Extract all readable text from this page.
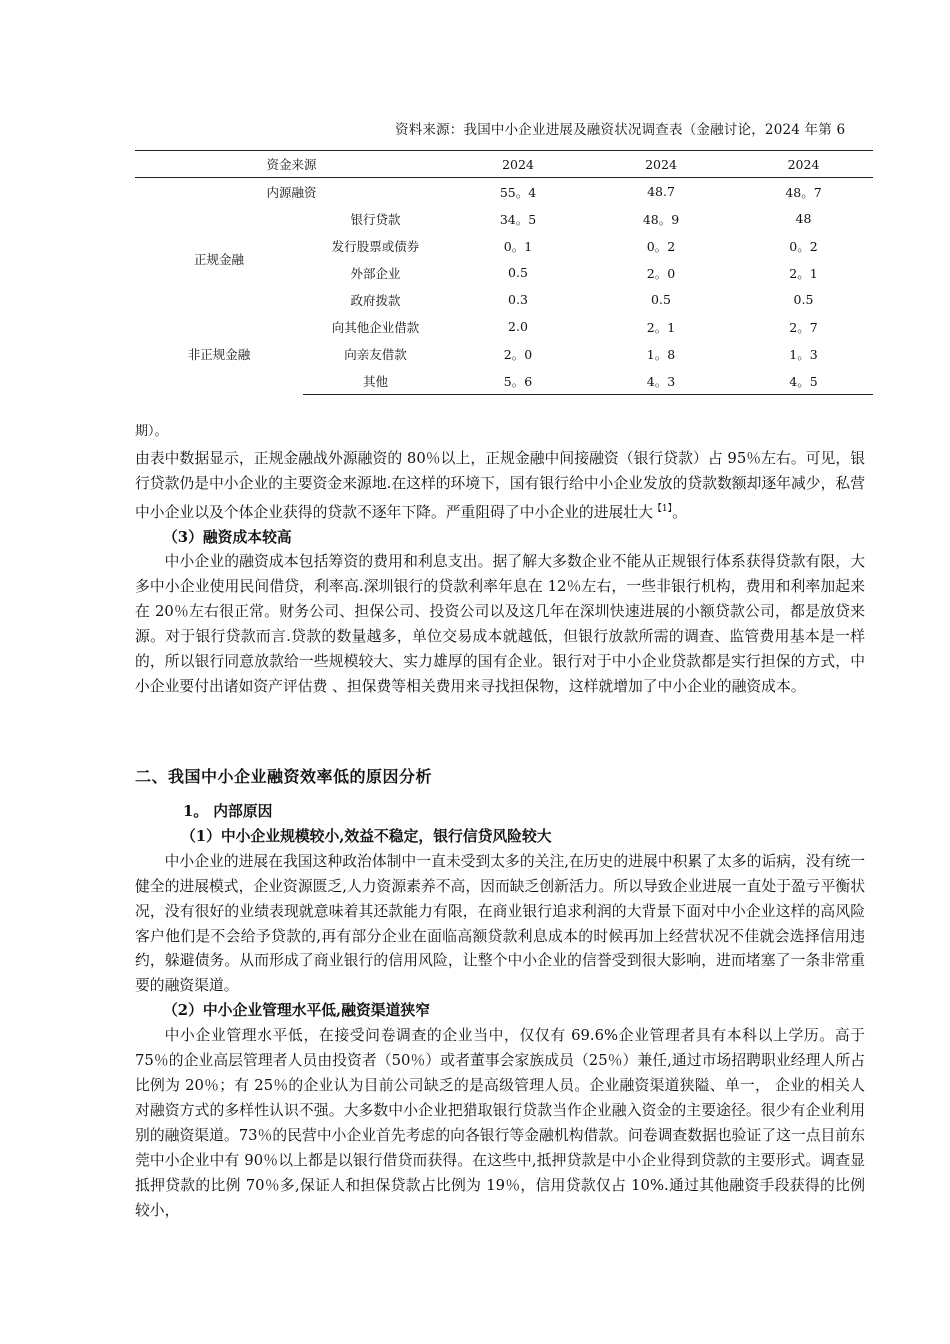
资料来源：我国中小企业进展及融资状况调查表（金融讨论，2024 年第 6
资金来源		2024	2024	2024
内源融资		55。4	48.7	48。7
正规金融	银行贷款	34。5	48。9	48
	发行股票或债券	0。1	0。2	0。2
	外部企业	0.5	2。0	2。1
	政府拨款	0.3	0.5	0.5
非正规金融	向其他企业借款	2.0	2。1	2。7
	向亲友借款	2。0	1。8	1。3
	其他	5。6	4。3	4。5

期）。

由表中数据显示，正规金融战外源融资的 80％以上，正规金融中间接融资（银行贷款）占 95％左右。可见，银行贷款仍是中小企业的主要资金来源地.在这样的环境下，国有银行给中小企业发放的贷款数额却逐年减少，私营中小企业以及个体企业获得的贷款不逐年下降。严重阻碍了中小企业的进展壮大$^{【1】}$。

（3）融资成本较高

中小企业的融资成本包括筹资的费用和利息支出。据了解大多数企业不能从正规银行体系获得贷款有限，大多中小企业使用民间借贷，利率高.深圳银行的贷款利率年息在 12％左右，一些非银行机构，费用和利率加起来在 20％左右很正常。财务公司、担保公司、投资公司以及这几年在深圳快速进展的小额贷款公司，都是放贷来源。对于银行贷款而言.贷款的数量越多，单位交易成本就越低，但银行放款所需的调查、监管费用基本是一样的，所以银行同意放款给一些规模较大、实力雄厚的国有企业。银行对于中小企业贷款都是实行担保的方式，中小企业要付出诸如资产评估费 、担保费等相关费用来寻找担保物，这样就增加了中小企业的融资成本。

二、我国中小企业融资效率低的原因分析

1。 内部原因

（1）中小企业规模较小,效益不稳定，银行信贷风险较大

中小企业的进展在我国这种政治体制中一直未受到太多的关注,在历史的进展中积累了太多的诟病，没有统一健全的进展模式，企业资源匮乏,人力资源素养不高，因而缺乏创新活力。所以导致企业进展一直处于盈亏平衡状况，没有很好的业绩表现就意味着其还款能力有限，在商业银行追求利润的大背景下面对中小企业这样的高风险客户他们是不会给予贷款的,再有部分企业在面临高额贷款利息成本的时候再加上经营状况不佳就会选择信用违约，躲避债务。从而形成了商业银行的信用风险，让整个中小企业的信誉受到很大影响，进而堵塞了一条非常重要的融资渠道。

（2）中小企业管理水平低,融资渠道狭窄

中小企业管理水平低，在接受问卷调查的企业当中，仅仅有 69.6%企业管理者具有本科以上学历。高于 75％的企业高层管理者人员由投资者（50％）或者董事会家族成员（25％）兼任,通过市场招聘职业经理人所占比例为 20％；有 25％的企业认为目前公司缺乏的是高级管理人员。企业融资渠道狭隘、单一， 企业的相关人对融资方式的多样性认识不强。大多数中小企业把猎取银行贷款当作企业融入资金的主要途径。很少有企业利用别的融资渠道。73％的民营中小企业首先考虑的向各银行等金融机构借款。问卷调查数据也验证了这一点目前东莞中小企业中有 90％以上都是以银行借贷而获得。在这些中,抵押贷款是中小企业得到贷款的主要形式。调查显抵押贷款的比例 70％多,保证人和担保贷款占比例为 19％，信用贷款仅占 10%.通过其他融资手段获得的比例较小，
